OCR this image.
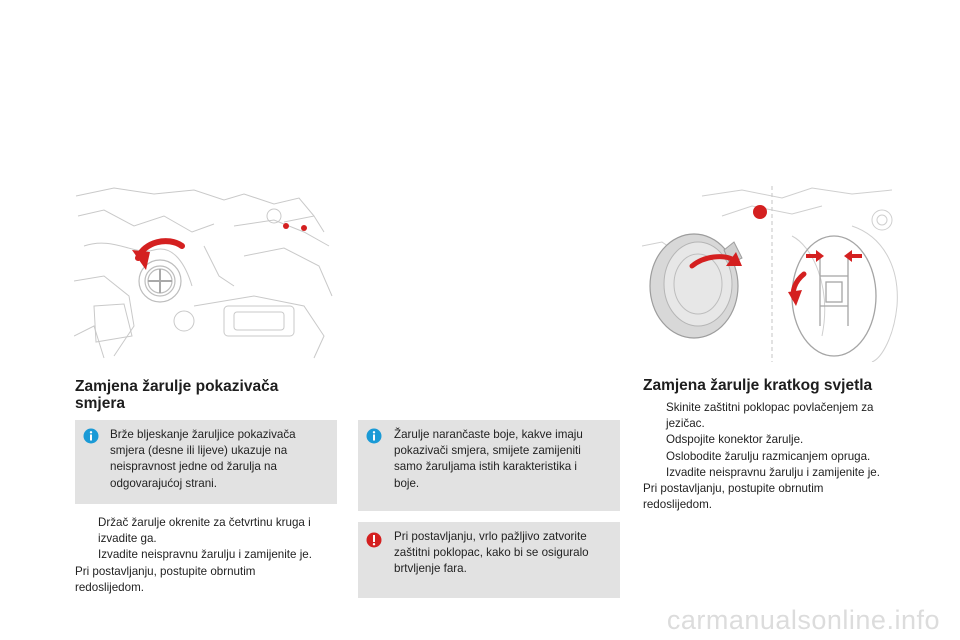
Zamjena žarulje pokazivača
smjera
Brže bljeskanje žaruljice pokazivača
smjera (desne ili lijeve) ukazuje na
neispravnost jedne od žarulja na
odgovarajućoj strani.
Držač žarulje okrenite za četvrtinu kruga i
izvadite ga.
Izvadite neispravnu žarulju i zamijenite je.
Pri postavljanju, postupite obrnutim
redoslijedom.
Žarulje narančaste boje, kakve imaju
pokazivači smjera, smijete zamijeniti
samo žaruljama istih karakteristika i
boje.
Pri postavljanju, vrlo pažljivo zatvorite
zaštitni poklopac, kako bi se osiguralo
brtvljenje fara.
Zamjena žarulje kratkog svjetla
Skinite zaštitni poklopac povlačenjem za
jezičac.
Odspojite konektor žarulje.
Oslobodite žarulju razmicanjem opruga.
Izvadite neispravnu žarulju i zamijenite je.
Pri postavljanju, postupite obrnutim
redoslijedom.
carmanualsonline.info
